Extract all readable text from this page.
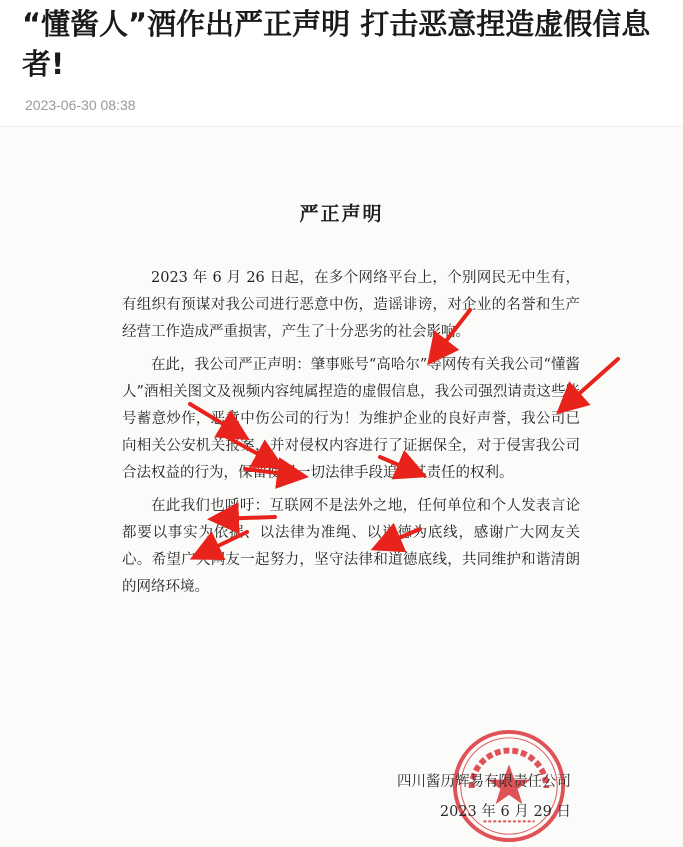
“懂酱人”酒作出严正声明 打击恶意捏造虚假信息者!
2023-06-30 08:38
严正声明

2023 年 6 月 26 日起，在多个网络平台上，个别网民无中生有，有组织有预谋对我公司进行恶意中伤，造谣诽谤，对企业的名誉和生产经营工作造成严重损害，产生了十分恶劣的社会影响。

在此，我公司严正声明：肇事账号“高哈尔”等网传有关我公司“懂酱人”酒相关图文及视频内容纯属捏造的虚假信息，我公司强烈请责这些账号蓄意炒作，恶意中伤公司的行为！为维护企业的良好声誉，我公司已向相关公安机关报案，并对侵权内容进行了证据保全，对于侵害我公司合法权益的行为，保留使用一切法律手段追究其责任的权利。

在此我们也呼吁：互联网不是法外之地，任何单位和个人发表言论都要以事实为依据、以法律为准绳、以道德为底线，感谢广大网友关心。希望广大网友一起努力，坚守法律和道德底线，共同维护和谐清朗的网络环境。

四川酱历辉易有限责任公司
2023 年 6 月 29 日
